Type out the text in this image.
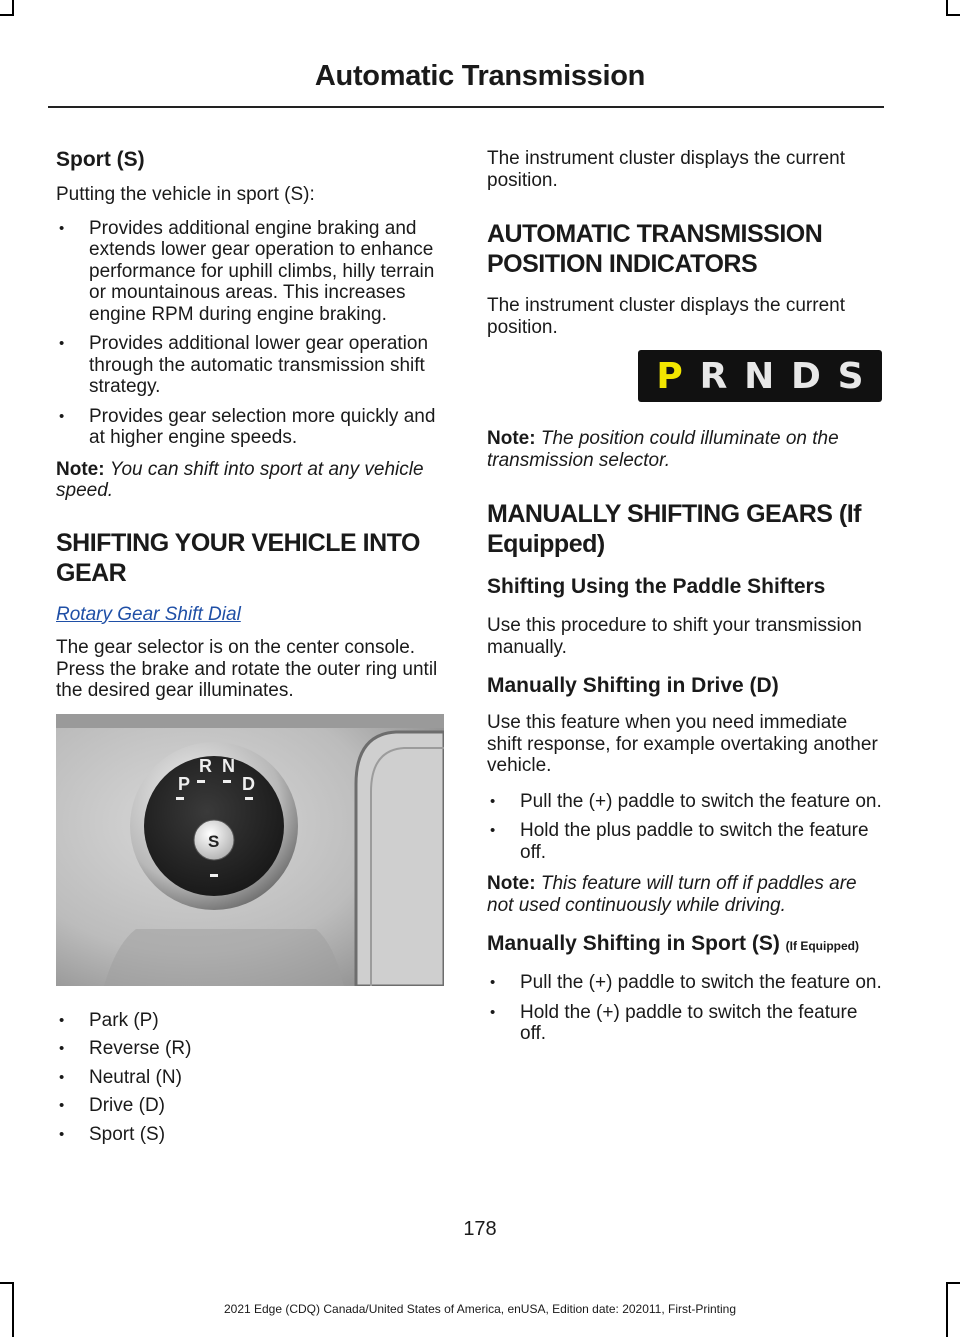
Automatic Transmission
Sport (S)

Putting the vehicle in sport (S):

• Provides additional engine braking and extends lower gear operation to enhance performance for uphill climbs, hilly terrain or mountainous areas. This increases engine RPM during engine braking.
• Provides additional lower gear operation through the automatic transmission shift strategy.
• Provides gear selection more quickly and at higher engine speeds.

Note: You can shift into sport at any vehicle speed.

SHIFTING YOUR VEHICLE INTO GEAR

Rotary Gear Shift Dial

The gear selector is on the center console. Press the brake and rotate the outer ring until the desired gear illuminates.

P
R N
D
S
• Park (P)
• Reverse (R)
• Neutral (N)
• Drive (D)
• Sport (S)

The instrument cluster displays the current position.

AUTOMATIC TRANSMISSION POSITION INDICATORS

The instrument cluster displays the current position.

P R N D S

Note: The position could illuminate on the transmission selector.

MANUALLY SHIFTING GEARS (If Equipped)
Shifting Using the Paddle Shifters

Use this procedure to shift your transmission manually.

Manually Shifting in Drive (D)

Use this feature when you need immediate shift response, for example overtaking another vehicle.

• Pull the (+) paddle to switch the feature on.
• Hold the plus paddle to switch the feature off.

Note: This feature will turn off if paddles are not used continuously while driving.

Manually Shifting in Sport (S) (If Equipped)
• Pull the (+) paddle to switch the feature on.
• Hold the (+) paddle to switch the feature off.
178
2021 Edge (CDQ) Canada/United States of America, enUSA, Edition date: 202011, First-Printing
